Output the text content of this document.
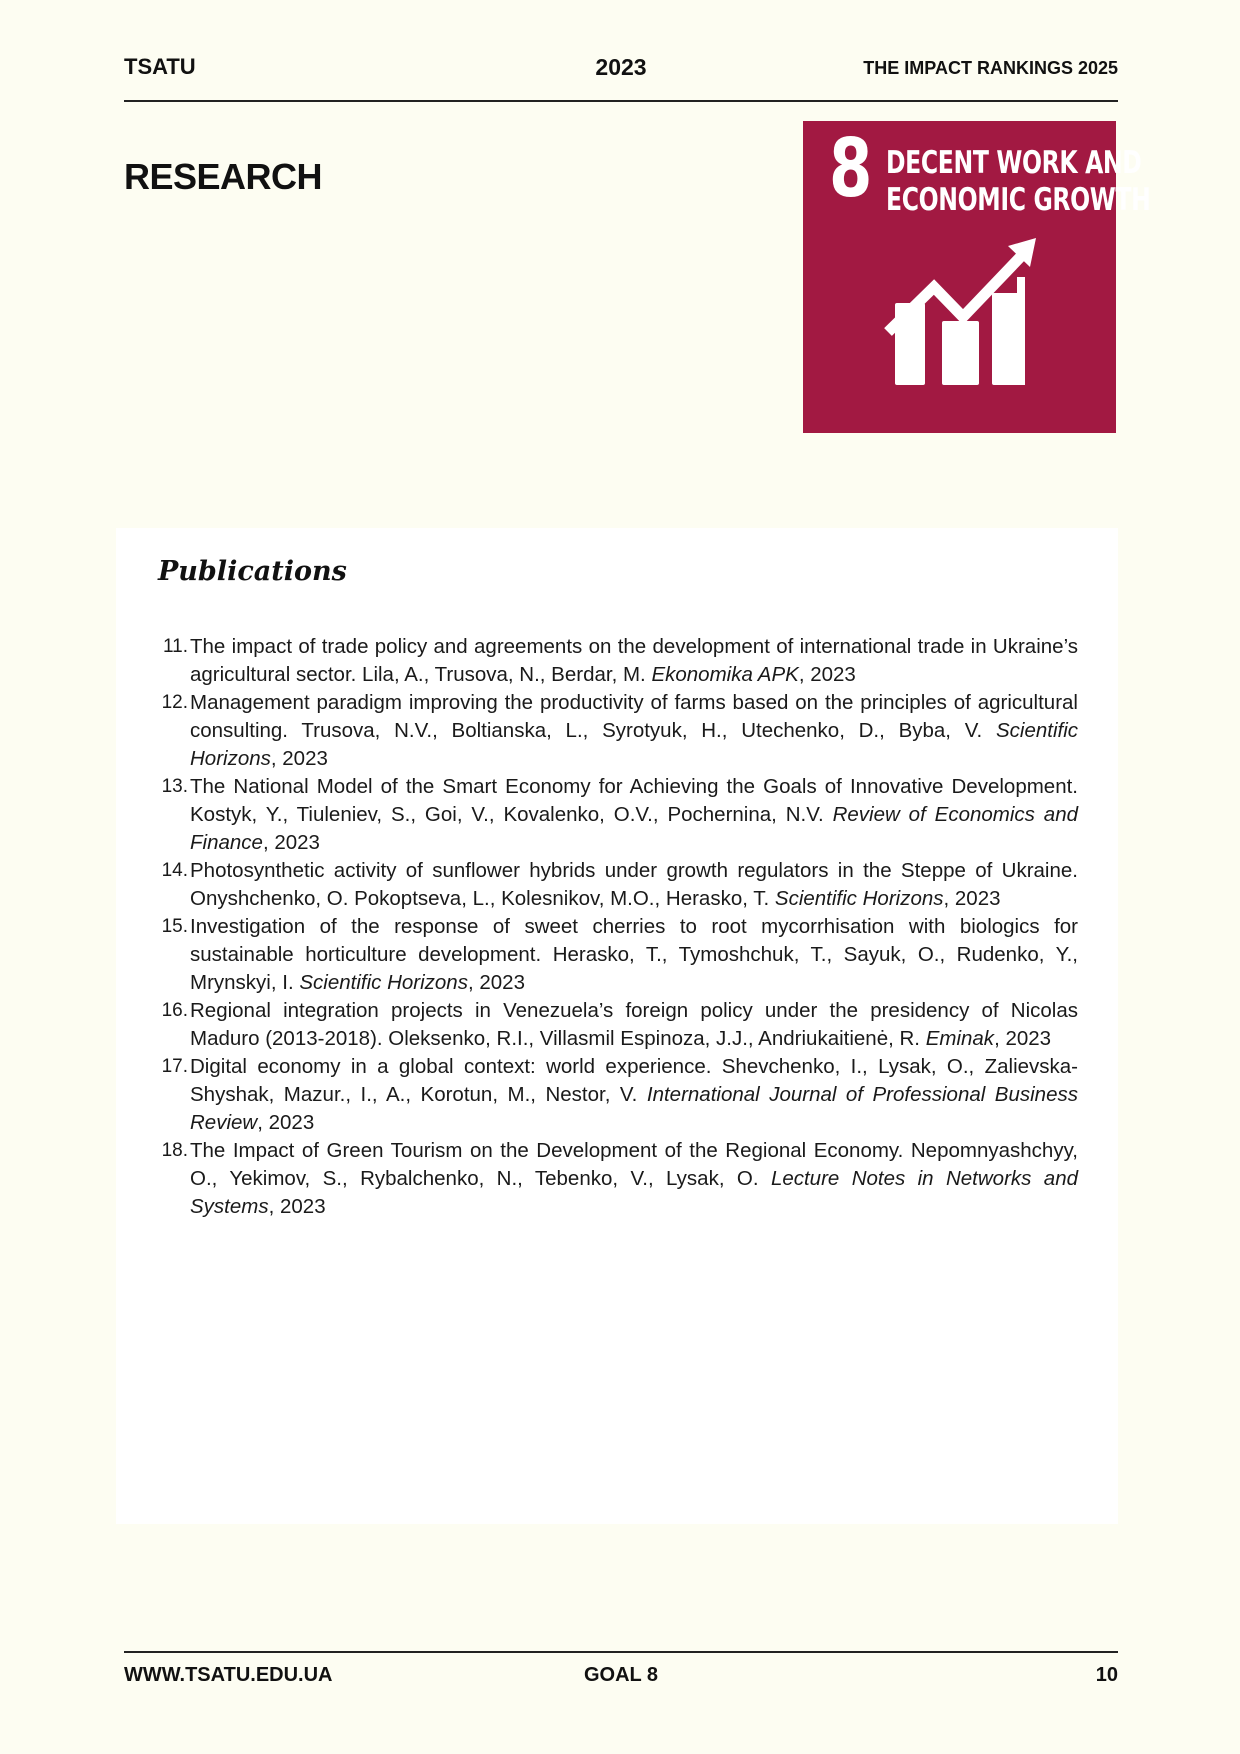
TSATU	2023	THE IMPACT RANKINGS 2025
RESEARCH	8 DECENT WORK AND
ECONOMIC GROWTH
Publications
11. The impact of trade policy and agreements on the development of international trade in Ukraine’s agricultural sector. Lila, A., Trusova, N., Berdar, M. Ekonomika APK, 2023
12. Management paradigm improving the productivity of farms based on the principles of agricultural consulting. Trusova, N.V., Boltianska, L., Syrotyuk, H., Utechenko, D., Byba, V. Scientific Horizons, 2023
13. The National Model of the Smart Economy for Achieving the Goals of Innovative Development. Kostyk, Y., Tiuleniev, S., Goi, V., Kovalenko, O.V., Pochernina, N.V. Review of Economics and Finance, 2023
14. Photosynthetic activity of sunflower hybrids under growth regulators in the Steppe of Ukraine. Onyshchenko, O. Pokoptseva, L., Kolesnikov, M.O., Herasko, T. Scientific Horizons, 2023
15. Investigation of the response of sweet cherries to root mycorrhisation with biologics for sustainable horticulture development. Herasko, T., Tymoshchuk, T., Sayuk, O., Rudenko, Y., Mrynskyi, I. Scientific Horizons, 2023
16. Regional integration projects in Venezuela’s foreign policy under the presidency of Nicolas Maduro (2013-2018). Oleksenko, R.I., Villasmil Espinoza, J.J., Andriukaitienė, R. Eminak, 2023
17. Digital economy in a global context: world experience. Shevchenko, I., Lysak, O., Zalievska-Shyshak, Mazur., I., A., Korotun, M., Nestor, V. International Journal of Professional Business Review, 2023
18. The Impact of Green Tourism on the Development of the Regional Economy. Nepomnyashchyy, O., Yekimov, S., Rybalchenko, N., Tebenko, V., Lysak, O. Lecture Notes in Networks and Systems, 2023
WWW.TSATU.EDU.UA	GOAL 8	10
